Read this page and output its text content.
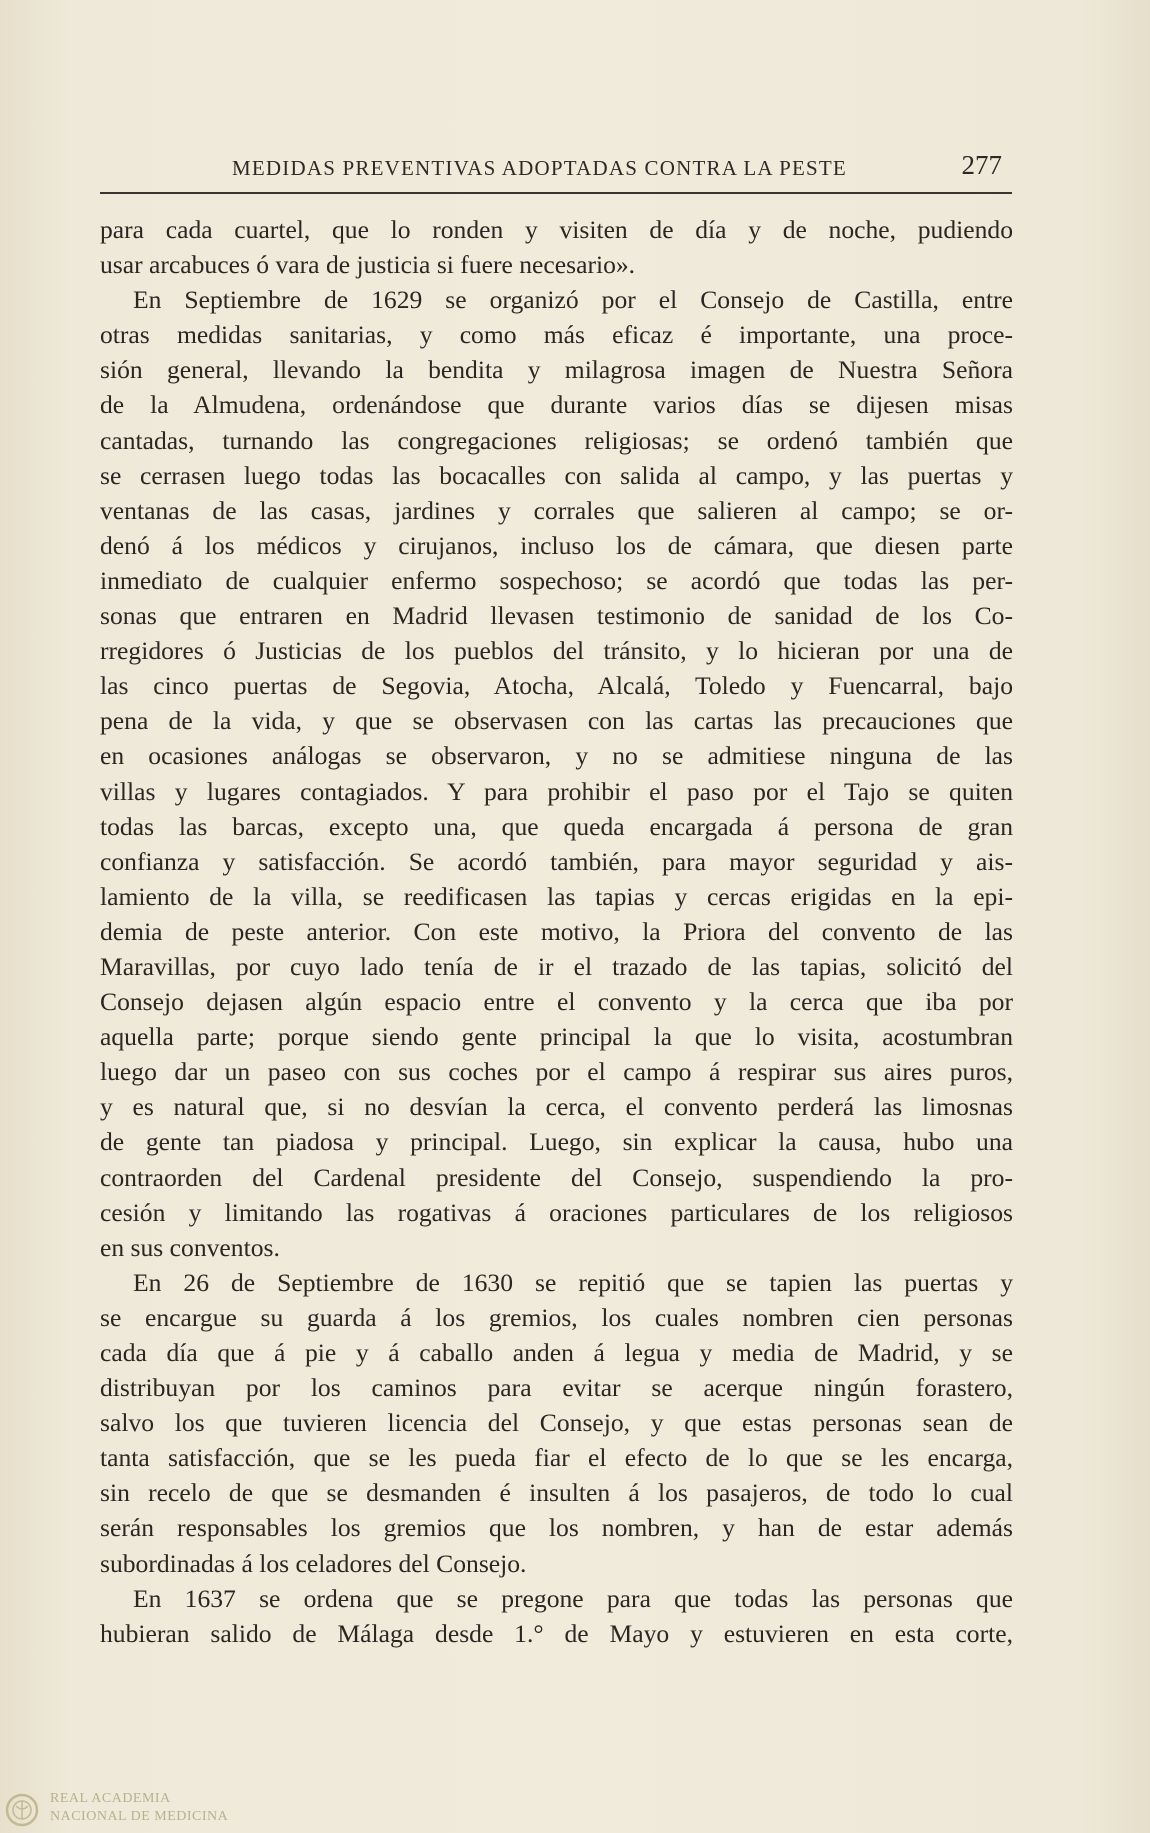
MEDIDAS PREVENTIVAS ADOPTADAS CONTRA LA PESTE	277

para cada cuartel, que lo ronden y visiten de día y de noche, pudiendo

usar arcabuces ó vara de justicia si fuere necesario».

En Septiembre de 1629 se organizó por el Consejo de Castilla, entre

otras medidas sanitarias, y como más eficaz é importante, una proce-

sión general, llevando la bendita y milagrosa imagen de Nuestra Señora

de la Almudena, ordenándose que durante varios días se dijesen misas

cantadas, turnando las congregaciones religiosas; se ordenó también que

se cerrasen luego todas las bocacalles con salida al campo, y las puertas y

ventanas de las casas, jardines y corrales que salieren al campo; se or-

denó á los médicos y cirujanos, incluso los de cámara, que diesen parte

inmediato de cualquier enfermo sospechoso; se acordó que todas las per-

sonas que entraren en Madrid llevasen testimonio de sanidad de los Co-

rregidores ó Justicias de los pueblos del tránsito, y lo hicieran por una de

las cinco puertas de Segovia, Atocha, Alcalá, Toledo y Fuencarral, bajo

pena de la vida, y que se observasen con las cartas las precauciones que

en ocasiones análogas se observaron, y no se admitiese ninguna de las

villas y lugares contagiados. Y para prohibir el paso por el Tajo se quiten

todas las barcas, excepto una, que queda encargada á persona de gran

confianza y satisfacción. Se acordó también, para mayor seguridad y ais-

lamiento de la villa, se reedificasen las tapias y cercas erigidas en la epi-

demia de peste anterior. Con este motivo, la Priora del convento de las

Maravillas, por cuyo lado tenía de ir el trazado de las tapias, solicitó del

Consejo dejasen algún espacio entre el convento y la cerca que iba por

aquella parte; porque siendo gente principal la que lo visita, acostumbran

luego dar un paseo con sus coches por el campo á respirar sus aires puros,

y es natural que, si no desvían la cerca, el convento perderá las limosnas

de gente tan piadosa y principal. Luego, sin explicar la causa, hubo una

contraorden del Cardenal presidente del Consejo, suspendiendo la pro-

cesión y limitando las rogativas á oraciones particulares de los religiosos

en sus conventos.

En 26 de Septiembre de 1630 se repitió que se tapien las puertas y

se encargue su guarda á los gremios, los cuales nombren cien personas

cada día que á pie y á caballo anden á legua y media de Madrid, y se

distribuyan por los caminos para evitar se acerque ningún forastero,

salvo los que tuvieren licencia del Consejo, y que estas personas sean de

tanta satisfacción, que se les pueda fiar el efecto de lo que se les encarga,

sin recelo de que se desmanden é insulten á los pasajeros, de todo lo cual

serán responsables los gremios que los nombren, y han de estar además

subordinadas á los celadores del Consejo.

En 1637 se ordena que se pregone para que todas las personas que

hubieran salido de Málaga desde 1.° de Mayo y estuvieren en esta corte,

REAL ACADEMIA
NACIONAL DE MEDICINA
